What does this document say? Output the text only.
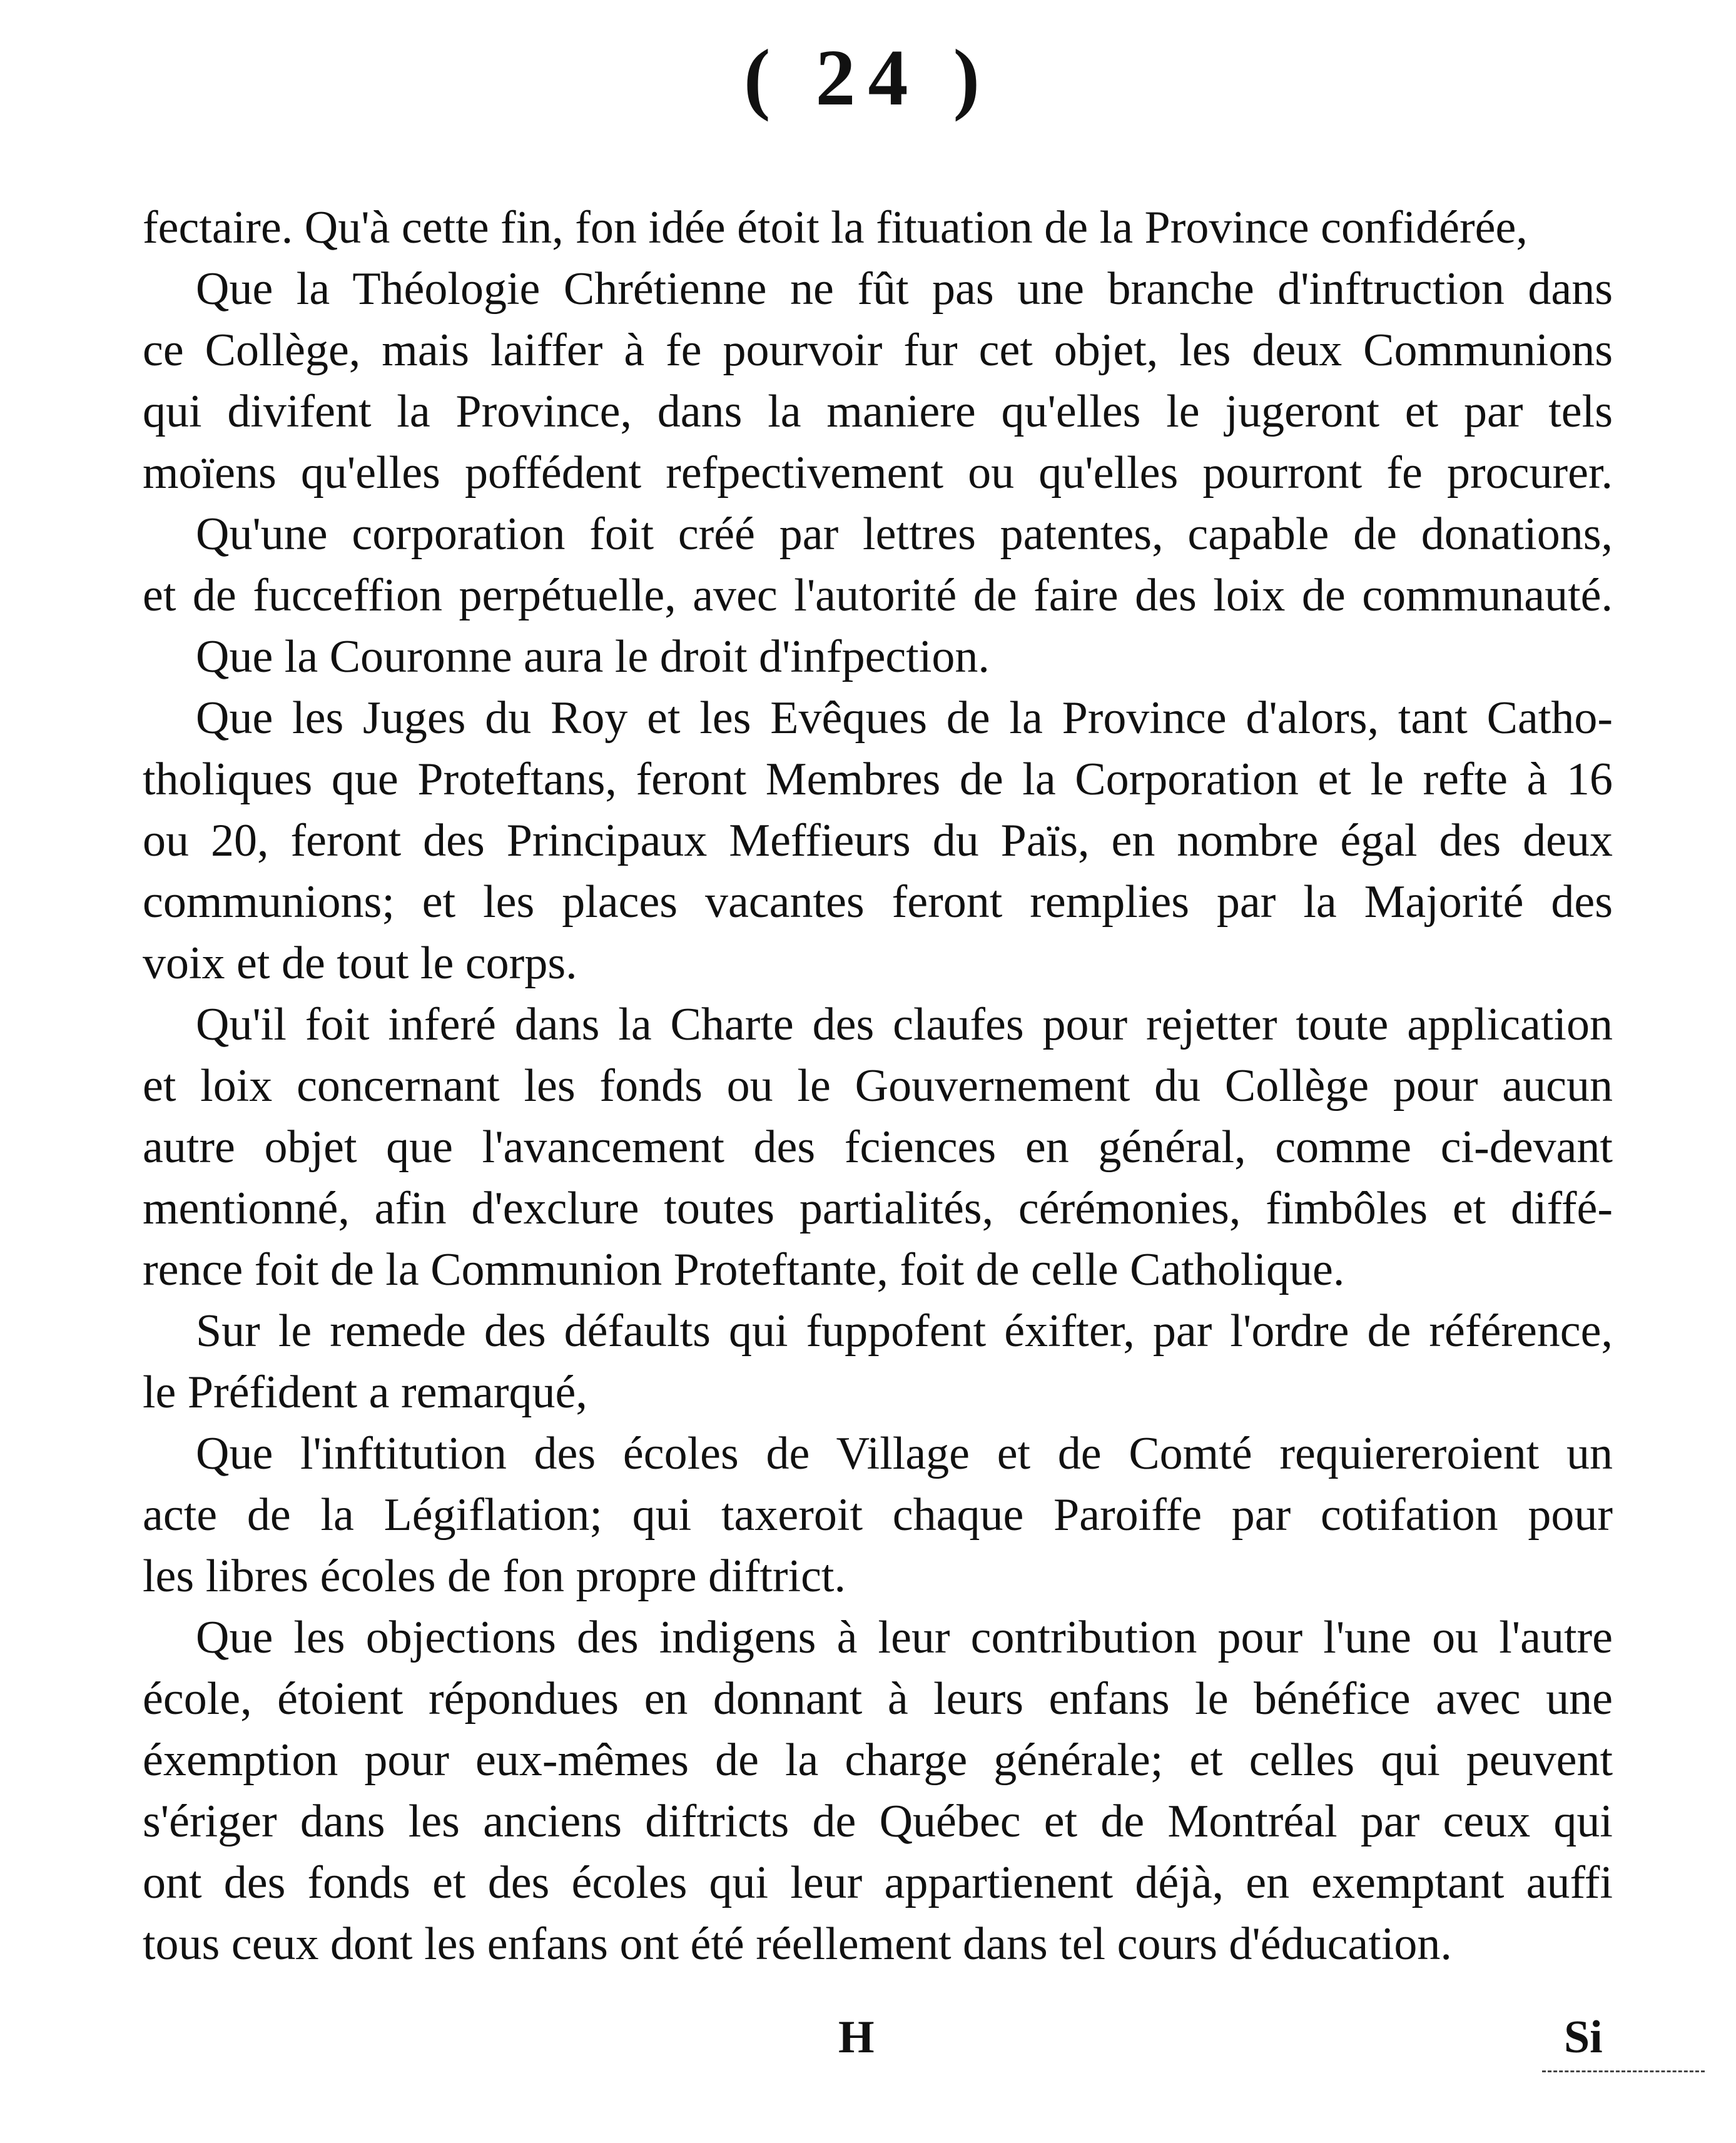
( 24 )
fectaire. Qu'à cette fin, fon idée étoit la fituation de la Province confidérée,
Que la Théologie Chrétienne ne fût pas une branche d'inftruction dans
ce Collège, mais laiffer à fe pourvoir fur cet objet, les deux Communions
qui divifent la Province, dans la maniere qu'elles le jugeront et par tels
moïens qu'elles poffédent refpectivement ou qu'elles pourront fe procurer.
Qu'une corporation foit créé par lettres patentes, capable de donations,
et de fucceffion perpétuelle, avec l'autorité de faire des loix de communauté.
Que la Couronne aura le droit d'infpection.
Que les Juges du Roy et les Evêques de la Province d'alors, tant Catho-
tholiques que Proteftans, feront Membres de la Corporation et le refte à 16
ou 20, feront des Principaux Meffieurs du Païs, en nombre égal des deux
communions; et les places vacantes feront remplies par la Majorité des
voix et de tout le corps.
Qu'il foit inferé dans la Charte des claufes pour rejetter toute application
et loix concernant les fonds ou le Gouvernement du Collège pour aucun
autre objet que l'avancement des fciences en général, comme ci-devant
mentionné, afin d'exclure toutes partialités, cérémonies, fimbôles et diffé-
rence foit de la Communion Proteftante, foit de celle Catholique.
Sur le remede des défaults qui fuppofent éxifter, par l'ordre de référence,
le Préfident a remarqué,
Que l'inftitution des écoles de Village et de Comté requiereroient un
acte de la Légiflation; qui taxeroit chaque Paroiffe par cotifation pour
les libres écoles de fon propre diftrict.
Que les objections des indigens à leur contribution pour l'une ou l'autre
école, étoient répondues en donnant à leurs enfans le bénéfice avec une
éxemption pour eux-mêmes de la charge générale; et celles qui peuvent
s'ériger dans les anciens diftricts de Québec et de Montréal par ceux qui
ont des fonds et des écoles qui leur appartienent déjà, en exemptant auffi
tous ceux dont les enfans ont été réellement dans tel cours d'éducation.
H	Si
